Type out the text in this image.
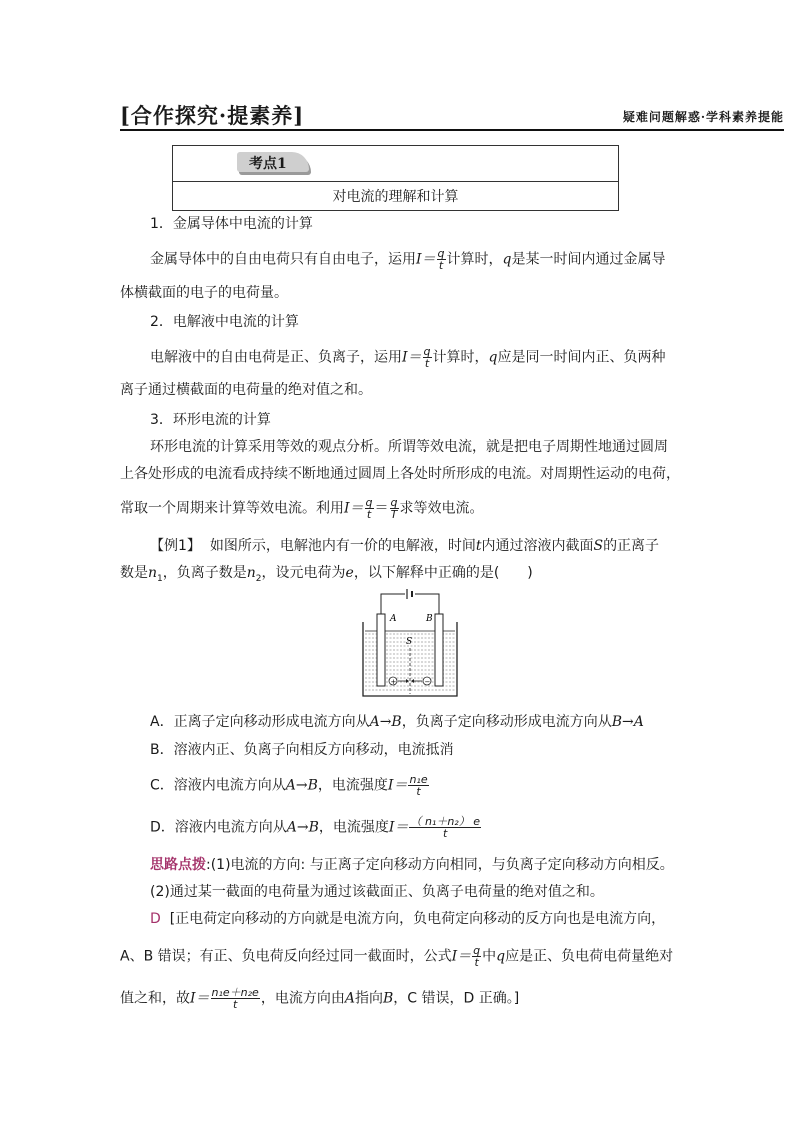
[合作探究·提素养]	疑难问题解惑·学科素养提能
考点1
对电流的理解和计算
1．金属导体中电流的计算
金属导体中的自由电荷只有自由电子，运用$I= \frac{q}{t}$ 计算时，q是某一时间内通过金属导
体横截面的电子的电荷量。
2．电解液中电流的计算
电解液中的自由电荷是正、负离子，运用$I= \frac{q}{t}$ 计算时，q应是同一时间内正、负两种
离子通过横截面的电荷量的绝对值之和。
3．环形电流的计算
环形电流的计算采用等效的观点分析。所谓等效电流，就是把电子周期性地通过圆周
上各处形成的电流看成持续不断地通过圆周上各处时所形成的电流。对周期性运动的电荷，
常取一个周期来计算等效电流。利用$I= \frac{q}{t} = \frac{q}{T}$ 求等效电流。
【例1】 如图所示，电解池内有一价的电解液，时间t内通过溶液内截面S的正离子
数是$n_1$，负离子数是$n_2$，设元电荷为e，以下解释中正确的是(　　)
A	B
S
+	−
A．正离子定向移动形成电流方向从A→B，负离子定向移动形成电流方向从B→A
B．溶液内正、负离子向相反方向移动，电流抵消
C．溶液内电流方向从A→B，电流强度$I= \frac{\text{n₁e}}{t}$
D．溶液内电流方向从A→B，电流强度$I= \frac{\text{（ n₁＋n₂） e}}{t}$
思路点拨:(1)电流的方向: 与正离子定向移动方向相同，与负离子定向移动方向相反。
(2)通过某一截面的电荷量为通过该截面正、负离子电荷量的绝对值之和。
D [正电荷定向移动的方向就是电流方向，负电荷定向移动的反方向也是电流方向，
A、B 错误；有正、负电荷反向经过同一截面时，公式$I= \frac{q}{t}$ 中q应是正、负电荷电荷量绝对
值之和，故$I= \frac{\text{n₁e＋n₂e}}{t}$ ，电流方向由A指向B，C 错误，D 正确。]
